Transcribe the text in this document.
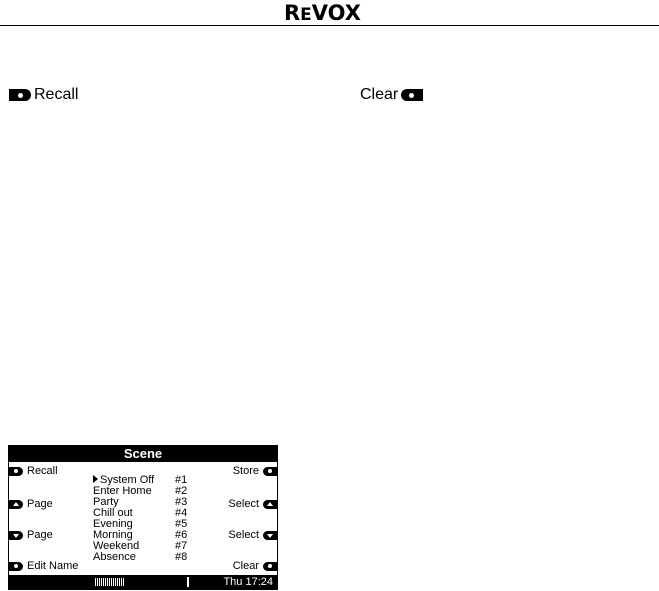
REVOX
Recall	Clear
Scene
Recall
Page
Page
Edit Name
Store
Select
Select
Clear
System Off	#1
Enter Home	#2
Party	#3
Chill out	#4
Evening	#5
Morning	#6
Weekend	#7
Absence	#8
Thu 17:24
